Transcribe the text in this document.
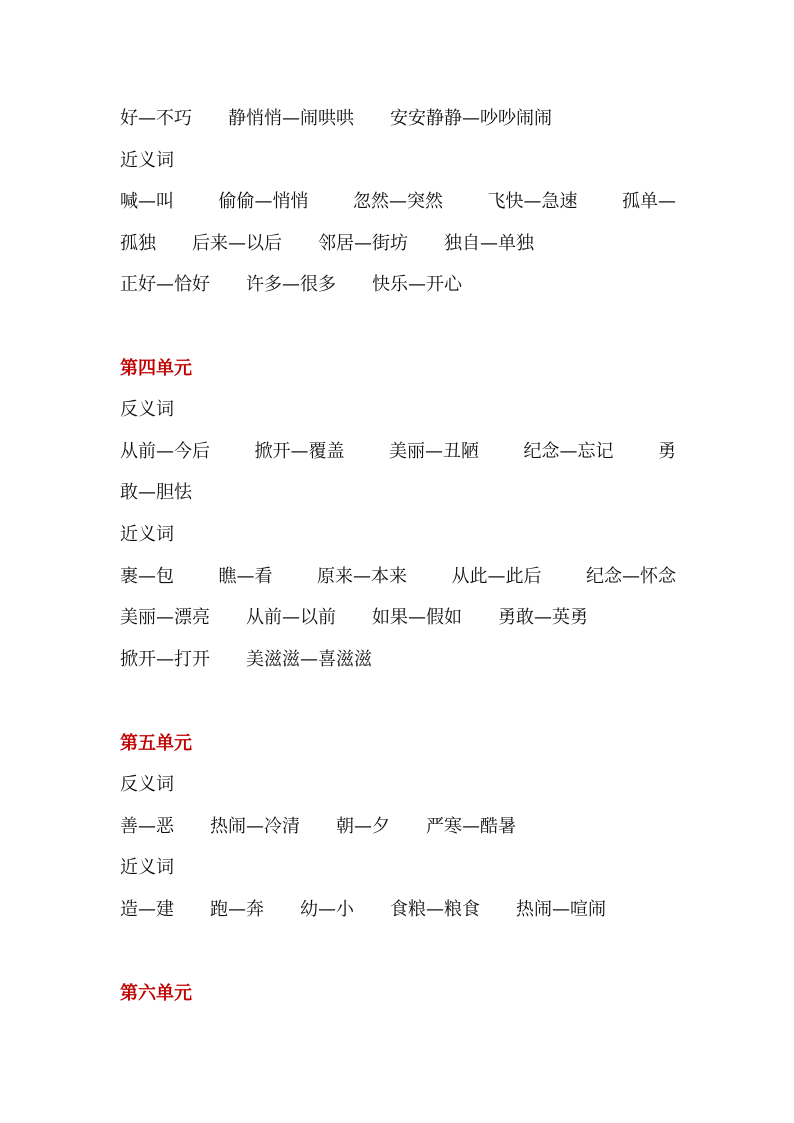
好—不巧 静悄悄—闹哄哄 安安静静—吵吵闹闹
近义词
喊—叫 偷偷—悄悄 忽然—突然 飞快—急速 孤单—
孤独 后来—以后 邻居—街坊 独自—单独
正好—恰好 许多—很多 快乐—开心
第四单元
反义词
从前—今后 掀开—覆盖 美丽—丑陋 纪念—忘记 勇
敢—胆怯
近义词
裹—包 瞧—看 原来—本来 从此—此后 纪念—怀念
美丽—漂亮 从前—以前 如果—假如 勇敢—英勇
掀开—打开 美滋滋—喜滋滋
第五单元
反义词
善—恶 热闹—冷清 朝—夕 严寒—酷暑
近义词
造—建 跑—奔 幼—小 食粮—粮食 热闹—喧闹
第六单元
